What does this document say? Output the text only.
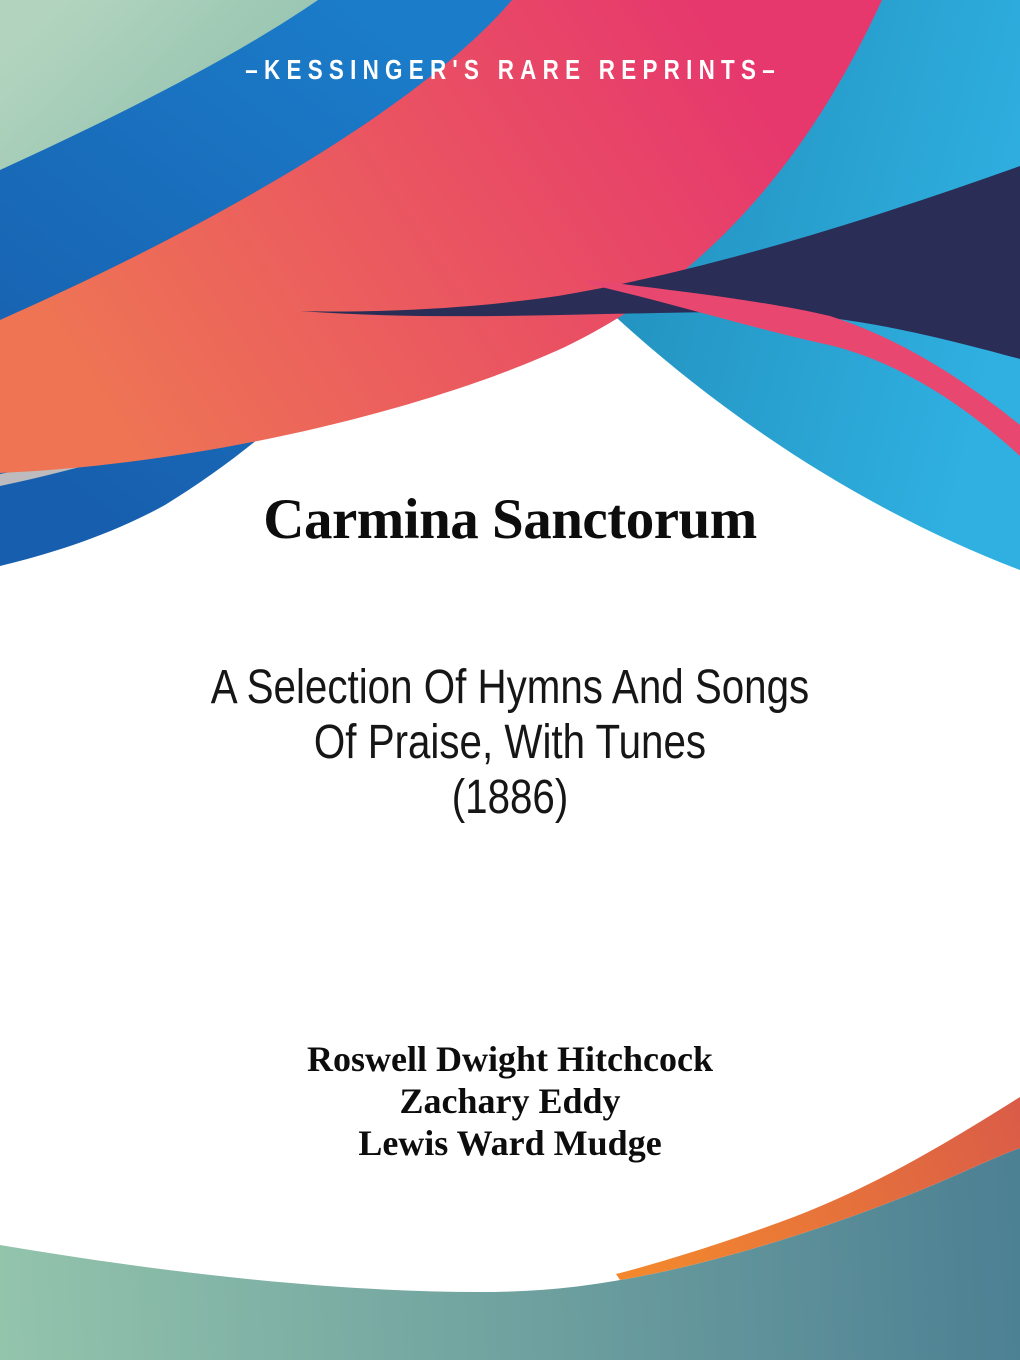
–KESSINGER'S RARE REPRINTS–
Carmina Sanctorum
A Selection Of Hymns And Songs
Of Praise, With Tunes
(1886)
Roswell Dwight Hitchcock
Zachary Eddy
Lewis Ward Mudge
